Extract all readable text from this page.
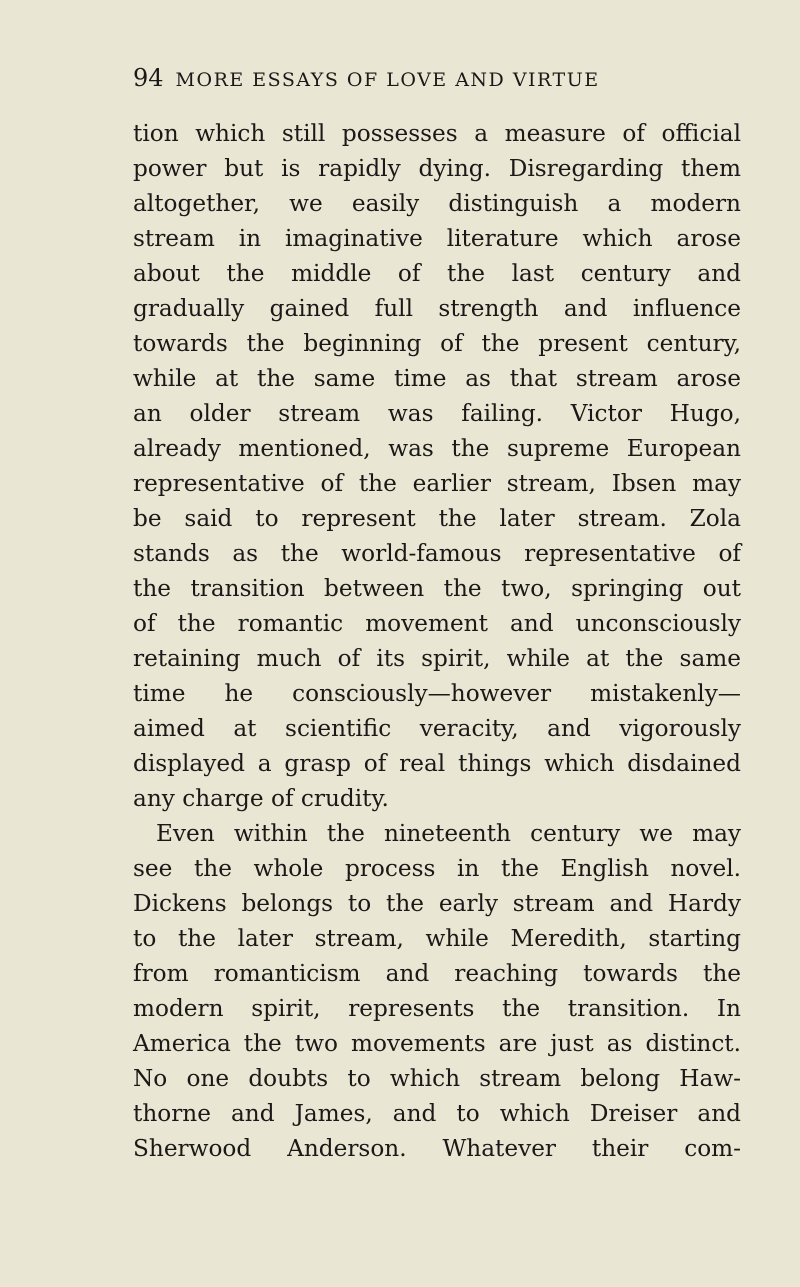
94 MORE ESSAYS OF LOVE AND VIRTUE
tion which still possesses a measure of official
power but is rapidly dying. Disregarding them
altogether, we easily distinguish a modern
stream in imaginative literature which arose
about the middle of the last century and
gradually gained full strength and influence
towards the beginning of the present century,
while at the same time as that stream arose
an older stream was failing. Victor Hugo,
already mentioned, was the supreme European
representative of the earlier stream, Ibsen may
be said to represent the later stream. Zola
stands as the world-famous representative of
the transition between the two, springing out
of the romantic movement and unconsciously
retaining much of its spirit, while at the same
time he consciously—however mistakenly—
aimed at scientific veracity, and vigorously
displayed a grasp of real things which disdained
any charge of crudity.
Even within the nineteenth century we may
see the whole process in the English novel.
Dickens belongs to the early stream and Hardy
to the later stream, while Meredith, starting
from romanticism and reaching towards the
modern spirit, represents the transition. In
America the two movements are just as distinct.
No one doubts to which stream belong Haw-
thorne and James, and to which Dreiser and
Sherwood Anderson. Whatever their com-
